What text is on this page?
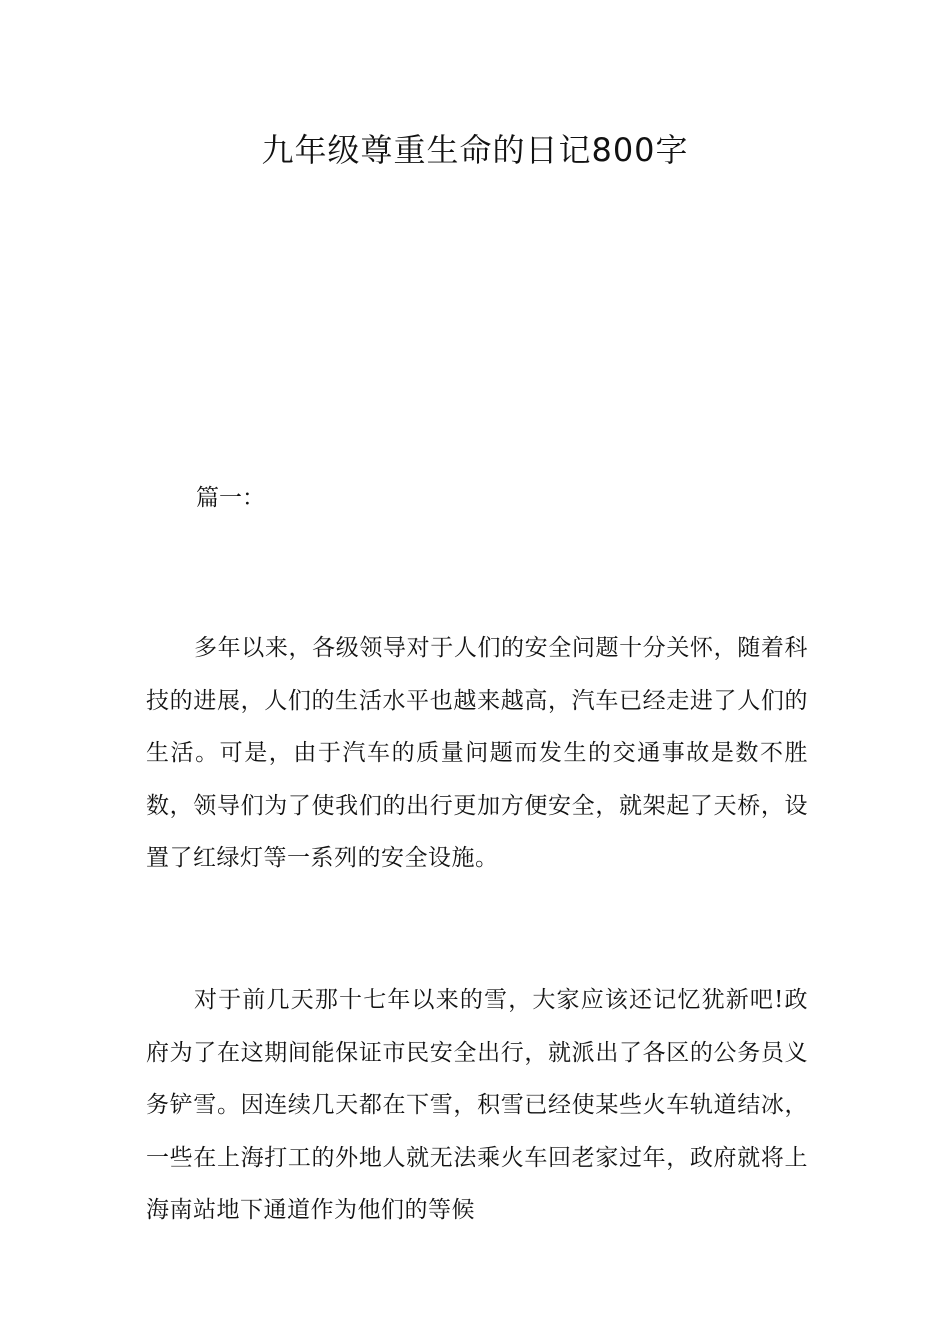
九年级尊重生命的日记800字

篇一：

多年以来，各级领导对于人们的安全问题十分关怀，随着科技的进展，人们的生活水平也越来越高，汽车已经走进了人们的生活。可是，由于汽车的质量问题而发生的交通事故是数不胜数，领导们为了使我们的出行更加方便安全，就架起了天桥，设置了红绿灯等一系列的安全设施。

对于前几天那十七年以来的雪，大家应该还记忆犹新吧!政府为了在这期间能保证市民安全出行，就派出了各区的公务员义务铲雪。因连续几天都在下雪，积雪已经使某些火车轨道结冰，一些在上海打工的外地人就无法乘火车回老家过年，政府就将上海南站地下通道作为他们的等候
